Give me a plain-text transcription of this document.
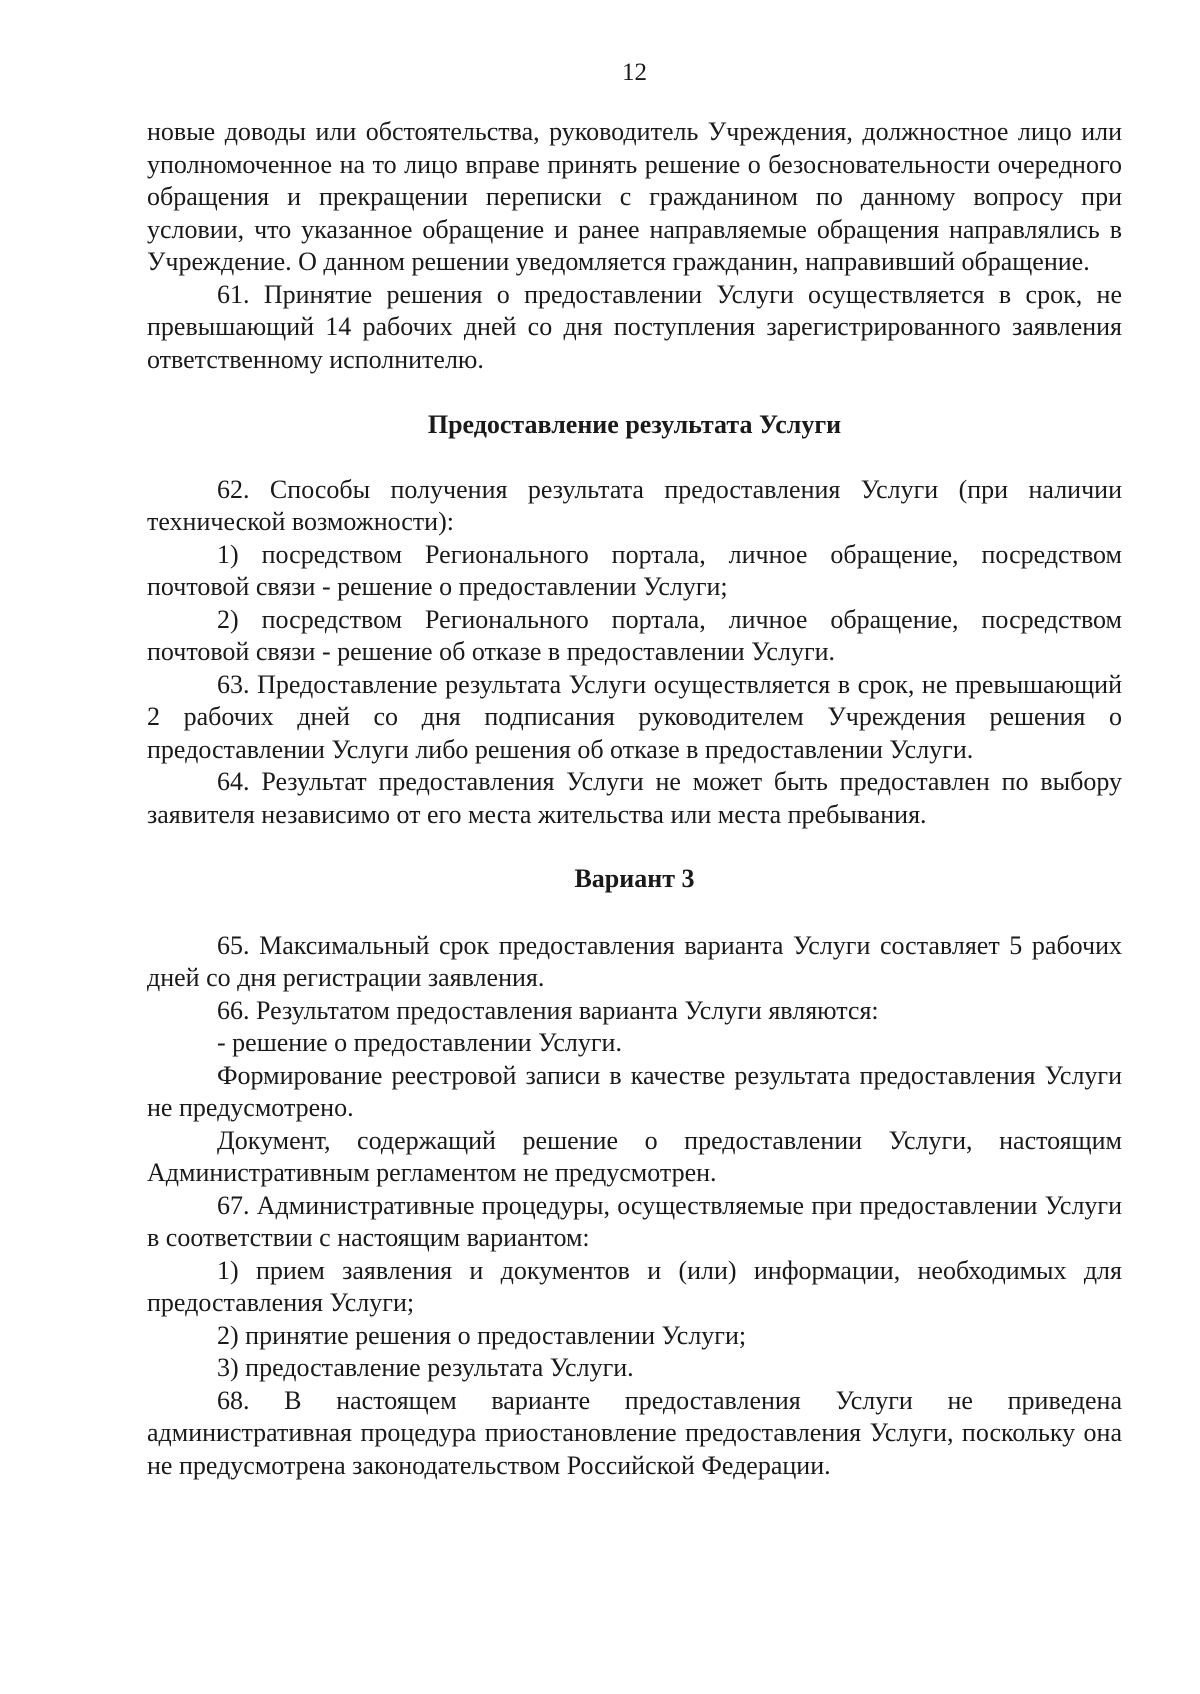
12

новые доводы или обстоятельства, руководитель Учреждения, должностное лицо или уполномоченное на то лицо вправе принять решение о безосновательности очередного обращения и прекращении переписки с гражданином по данному вопросу при условии, что указанное обращение и ранее направляемые обращения направлялись в Учреждение. О данном решении уведомляется гражданин, направивший обращение.

61. Принятие решения о предоставлении Услуги осуществляется в срок, не превышающий 14 рабочих дней со дня поступления зарегистрированного заявления ответственному исполнителю.

Предоставление результата Услуги

62. Способы получения результата предоставления Услуги (при наличии технической возможности):

1) посредством Регионального портала, личное обращение, посредством почтовой связи - решение о предоставлении Услуги;

2) посредством Регионального портала, личное обращение, посредством почтовой связи - решение об отказе в предоставлении Услуги.

63. Предоставление результата Услуги осуществляется в срок, не превышающий 2 рабочих дней со дня подписания руководителем Учреждения решения о предоставлении Услуги либо решения об отказе в предоставлении Услуги.

64. Результат предоставления Услуги не может быть предоставлен по выбору заявителя независимо от его места жительства или места пребывания.

Вариант 3

65. Максимальный срок предоставления варианта Услуги составляет 5 рабочих дней со дня регистрации заявления.

66. Результатом предоставления варианта Услуги являются:

- решение о предоставлении Услуги.

Формирование реестровой записи в качестве результата предоставления Услуги не предусмотрено.

Документ, содержащий решение о предоставлении Услуги, настоящим Административным регламентом не предусмотрен.

67. Административные процедуры, осуществляемые при предоставлении Услуги в соответствии с настоящим вариантом:

1) прием заявления и документов и (или) информации, необходимых для предоставления Услуги;

2) принятие решения о предоставлении Услуги;

3) предоставление результата Услуги.

68. В настоящем варианте предоставления Услуги не приведена административная процедура приостановление предоставления Услуги, поскольку она не предусмотрена законодательством Российской Федерации.
